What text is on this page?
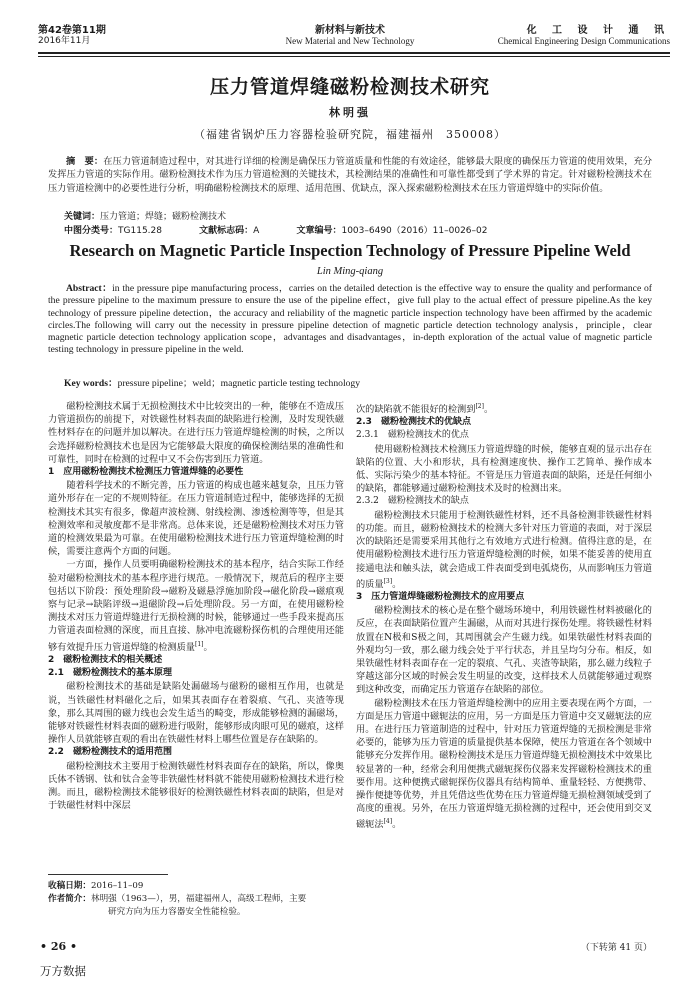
第42卷第11期
2016年11月
新材料与新技术
New Material and New Technology
化 工 设 计 通 讯
Chemical Engineering Design Communications
压力管道焊缝磁粉检测技术研究
林明强
（福建省锅炉压力容器检验研究院，福建福州　350008）
摘　要：在压力管道制造过程中，对其进行详细的检测是确保压力管道质量和性能的有效途径，能够最大限度的确保压力管道的使用效果，充分发挥压力管道的实际作用。磁粉检测技术作为压力管道检测的关键技术，其检测结果的准确性和可靠性都受到了学术界的肯定。针对磁粉检测技术在压力管道检测中的必要性进行分析，明确磁粉检测技术的原理、适用范围、优缺点，深入探索磁粉检测技术在压力管道焊缝中的实际价值。
关键词：压力管道；焊缝；磁粉检测技术
中图分类号：TG115.28	文献标志码：A	文章编号：1003–6490（2016）11–0026–02
Research on Magnetic Particle Inspection Technology of Pressure Pipeline Weld
Lin Ming-qiang
Abstract：in the pressure pipe manufacturing process，carries on the detailed detection is the effective way to ensure the quality and performance of the pressure pipeline to the maximum pressure to ensure the use of the pipeline effect，give full play to the actual effect of pressure pipeline.As the key technology of pressure pipeline detection，the accuracy and reliability of the magnetic particle inspection technology have been affirmed by the academic circles.The following will carry out the necessity in pressure pipeline detection of magnetic particle detection technology analysis，principle，clear magnetic particle detection technology application scope，advantages and disadvantages，in-depth exploration of the actual value of magnetic particle testing technology in pressure pipeline in the weld.
Key words：pressure pipeline；weld；magnetic particle testing technology

磁粉检测技术属于无损检测技术中比较突出的一种，能够在不造成压力管道损伤的前提下，对铁磁性材料表面的缺陷进行检测，及时发现铁磁性材料存在的问题并加以解决。在进行压力管道焊缝检测的时候，之所以会选择磁粉检测技术也是因为它能够最大限度的确保检测结果的准确性和可靠性，同时在检测的过程中又不会伤害到压力管道。

1　应用磁粉检测技术检测压力管道焊缝的必要性

随着科学技术的不断完善，压力管道的构成也越来越复杂，且压力管道外形存在一定的不规则特征。在压力管道制造过程中，能够选择的无损检测技术其实有很多，像超声波检测、射线检测、渗透检测等等，但是其检测效率和灵敏度都不是非常高。总体来说，还是磁粉检测技术对压力管道的检测效果最为可靠。在使用磁粉检测技术进行压力管道焊缝检测的时候，需要注意两个方面的问题。

一方面，操作人员要明确磁粉检测技术的基本程序，结合实际工作经验对磁粉检测技术的基本程序进行规范。一般情况下，规范后的程序主要包括以下阶段：预处理阶段→磁粉及磁悬浮施加阶段→磁化阶段→磁痕观察与记录→缺陷评级→退磁阶段→后处理阶段。另一方面，在使用磁粉检测技术对压力管道焊缝进行无损检测的时候，能够通过一些手段来提高压力管道表面检测的深度，而且直接、脉冲电流磁粉探伤机的合理使用还能够有效提升压力管道焊缝的检测质量[1]。

2　磁粉检测技术的相关概述
2.1　磁粉检测技术的基本原理

磁粉检测技术的基础是缺陷处漏磁场与磁粉的磁相互作用，也就是说，当铁磁性材料磁化之后，如果其表面存在着裂痕、气孔、夹渣等现象，那么其周围的磁力线也会发生适当的畸变，形成能够检测的漏磁场，能够对铁磁性材料表面的磁粉进行吸附，能够形成肉眼可见的磁痕，这样操作人员就能够直观的看出在铁磁性材料上哪些位置是存在缺陷的。

2.2　磁粉检测技术的适用范围

磁粉检测技术主要用于检测铁磁性材料表面存在的缺陷，所以，像奥氏体不锈钢、钛和钛合金等非铁磁性材料就不能使用磁粉检测技术进行检测。而且，磁粉检测技术能够很好的检测铁磁性材料表面的缺陷，但是对于铁磁性材料中深层

次的缺陷就不能很好的检测到[2]。

2.3　磁粉检测技术的优缺点
2.3.1　磁粉检测技术的优点

使用磁粉检测技术检测压力管道焊缝的时候，能够直观的显示出存在缺陷的位置、大小和形状，具有检测速度快、操作工艺简单、操作成本低、实际污染少的基本特征。不管是压力管道表面的缺陷，还是任何细小的缺陷，都能够通过磁粉检测技术及时的检测出来。

2.3.2　磁粉检测技术的缺点

磁粉检测技术只能用于检测铁磁性材料，还不具备检测非铁磁性材料的功能。而且，磁粉检测技术的检测大多针对压力管道的表面，对于深层次的缺陷还是需要采用其他行之有效地方式进行检测。值得注意的是，在使用磁粉检测技术进行压力管道焊缝检测的时候，如果不能妥善的使用直接通电法和触头法，就会造成工件表面受到电弧烧伤，从而影响压力管道的质量[3]。

3　压力管道焊缝磁粉检测技术的应用要点

磁粉检测技术的核心是在整个磁场环境中，利用铁磁性材料被磁化的反应，在表面缺陷位置产生漏磁，从而对其进行探伤处理。将铁磁性材料放置在N极和S极之间，其周围就会产生磁力线。如果铁磁性材料表面的外观均匀一致，那么磁力线会处于平行状态，并且呈均匀分布。相反，如果铁磁性材料表面存在一定的裂痕、气孔、夹渣等缺陷，那么磁力线粒子穿越这部分区域的时候会发生明显的改变，这样技术人员就能够通过观察到这种改变，而确定压力管道存在缺陷的部位。

磁粉检测技术在压力管道焊缝检测中的应用主要表现在两个方面，一方面是压力管道中磁轭法的应用，另一方面是压力管道中交叉磁轭法的应用。在进行压力管道制造的过程中，针对压力管道焊缝的无损检测是非常必要的，能够为压力管道的质量提供基本保障，使压力管道在各个领域中能够充分发挥作用。磁粉检测技术是压力管道焊缝无损检测技术中效果比较显著的一种，经常会利用便携式磁轭探伤仪器来发挥磁粉检测技术的重要作用。这种便携式磁轭探伤仪器具有结构简单、重量轻轻、方便携带、操作便捷等优势，并且凭借这些优势在压力管道焊缝无损检测领域受到了高度的重视。另外，在压力管道焊缝无损检测的过程中，还会使用到交叉磁轭法[4]。

（下转第 41 页）
收稿日期：2016–11–09
作者简介：林明强（1963—），男，福建福州人，高级工程师，主要
研究方向为压力容器安全性能检验。
• 26 •
万方数据
